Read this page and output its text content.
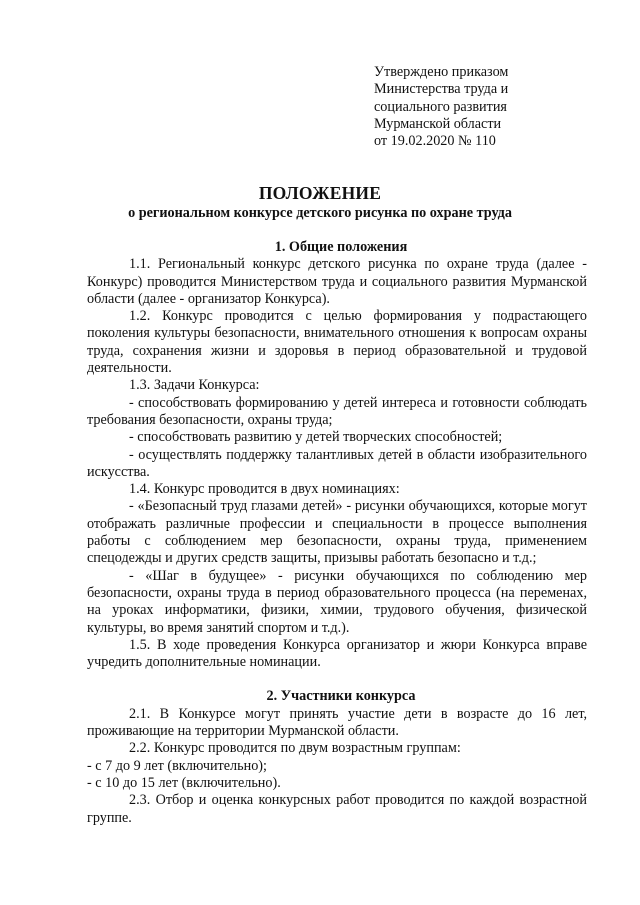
Утверждено приказом
Министерства труда и
социального развития
Мурманской области
от 19.02.2020 № 110
ПОЛОЖЕНИЕ
о региональном конкурсе детского рисунка по охране труда

1. Общие положения

1.1. Региональный конкурс детского рисунка по охране труда (далее - Конкурс) проводится Министерством труда и социального развития Мурманской области (далее - организатор Конкурса).

1.2. Конкурс проводится с целью формирования у подрастающего поколения культуры безопасности, внимательного отношения к вопросам охраны труда, сохранения жизни и здоровья в период образовательной и трудовой деятельности.

1.3. Задачи Конкурса:

- способствовать формированию у детей интереса и готовности соблюдать требования безопасности, охраны труда;

- способствовать развитию у детей творческих способностей;

- осуществлять поддержку талантливых детей в области изобразительного искусства.

1.4. Конкурс проводится в двух номинациях:

- «Безопасный труд глазами детей» - рисунки обучающихся, которые могут отображать различные профессии и специальности в процессе выполнения работы с соблюдением мер безопасности, охраны труда, применением спецодежды и других средств защиты, призывы работать безопасно и т.д.;

- «Шаг в будущее» - рисунки обучающихся по соблюдению мер безопасности, охраны труда в период образовательного процесса (на переменах, на уроках информатики, физики, химии, трудового обучения, физической культуры, во время занятий спортом и т.д.).

1.5. В ходе проведения Конкурса организатор и жюри Конкурса вправе учредить дополнительные номинации.

2. Участники конкурса

2.1. В Конкурсе могут принять участие дети в возрасте до 16 лет, проживающие на территории Мурманской области.

2.2. Конкурс проводится по двум возрастным группам:

- с 7 до 9 лет (включительно);

- с 10 до 15 лет (включительно).

2.3. Отбор и оценка конкурсных работ проводится по каждой возрастной группе.
